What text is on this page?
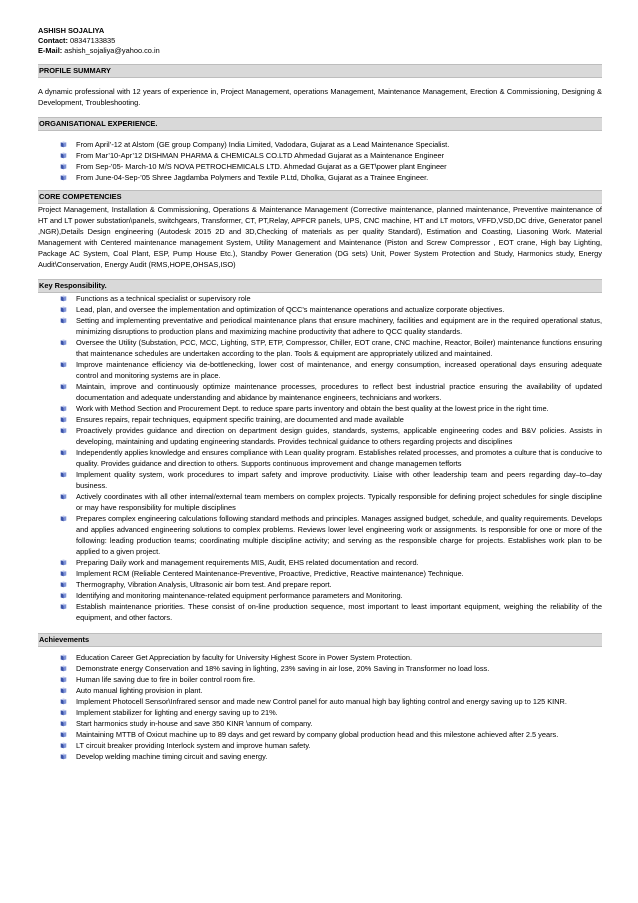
ASHISH SOJALIYA
Contact: 08347133835
E-Mail: ashish_sojaliya@yahoo.co.in
PROFILE SUMMARY
A dynamic professional with 12 years of experience in, Project Management, operations Management, Maintenance Management, Erection & Commissioning, Designing & Development, Troubleshooting.
ORGANISATIONAL EXPERIENCE.
From April’-12 at Alstom (GE group Company) India Limited, Vadodara, Gujarat as a Lead Maintenance Specialist.
From Mar’10-Apr’12 DISHMAN PHARMA & CHEMICALS CO.LTD Ahmedad Gujarat as a Maintenance Engineer
From Sep-’05- March-10 M/S NOVA PETROCHEMICALS LTD. Ahmedad Gujarat as a GET\power plant Engineer
From June-04-Sep-’05 Shree Jagdamba Polymers and Textile P.Ltd, Dholka, Gujarat as a Trainee Engineer.
CORE COMPETENCIES
Project Management, Installation & Commissioning, Operations & Maintenance Management (Corrective maintenance, planned maintenance, Preventive maintenance of HT and LT power substation\panels, switchgears, Transformer, CT, PT,Relay, APFCR panels, UPS, CNC machine, HT and LT motors, VFFD,VSD,DC drive, Generator panel ,NGR),Details Design engineering (Autodesk 2015 2D and 3D,Checking of materials as per quality Standard), Estimation and Coasting, Liasoning Work. Material Management with Centered maintenance management System, Utility Management and Maintenance (Piston and Screw Compressor , EOT crane, High bay Lighting, Package AC System, Coal Plant, ESP, Pump House Etc.), Standby Power Generation (DG sets) Unit, Power System Protection and Study, Harmonics study, Energy Audit\Conservation, Energy Audit (RMS,HOPE,OHSAS,ISO)
Key Responsibility.
Functions as a technical specialist or supervisory role
Lead, plan, and oversee the implementation and optimization of QCC's maintenance operations and actualize corporate objectives.
Setting and implementing preventative and periodical maintenance plans that ensure machinery, facilities and equipment are in the required operational status, minimizing disruptions to production plans and maximizing machine productivity that adhere to QCC quality standards.
Oversee the Utility (Substation, PCC, MCC, Lighting, STP, ETP, Compressor, Chiller, EOT crane, CNC machine, Reactor, Boiler) maintenance functions ensuring that maintenance schedules are undertaken according to the plan. Tools & equipment are appropriately utilized and maintained.
Improve maintenance efficiency via de-bottlenecking, lower cost of maintenance, and energy consumption, increased operational days ensuring adequate control and monitoring systems are in place.
Maintain, improve and continuously optimize maintenance processes, procedures to reflect best industrial practice ensuring the availability of updated documentation and adequate understanding and abidance by maintenance engineers, technicians and workers.
Work with Method Section and Procurement Dept. to reduce spare parts inventory and obtain the best quality at the lowest price in the right time.
Ensures repairs, repair techniques, equipment specific training, are documented and made available
Proactively provides guidance and direction on department design guides, standards, systems, applicable engineering codes and B&V policies. Assists in developing, maintaining and updating engineering standards. Provides technical guidance to others regarding projects and disciplines
Independently applies knowledge and ensures compliance with Lean quality program. Establishes related processes, and promotes a culture that is conducive to quality. Provides guidance and direction to others. Supports continuous improvement and change managemen tefforts
Implement quality system, work procedures to impart safety and improve productivity. Liaise with other leadership team and peers regarding day–to–day business.
Actively coordinates with all other internal/external team members on complex projects. Typically responsible for defining project schedules for single discipline or may have responsibility for multiple disciplines
Prepares complex engineering calculations following standard methods and principles. Manages assigned budget, schedule, and quality requirements. Develops and applies advanced engineering solutions to complex problems. Reviews lower level engineering work or assignments. Is responsible for one or more of the following: leading production teams; coordinating multiple discipline activity; and serving as the responsible charge for projects. Establishes work plan to be applied to a given project.
Preparing Daily work and management requirements MIS, Audit, EHS related documentation and record.
Implement RCM (Reliable Centered Maintenance-Preventive, Proactive, Predictive, Reactive maintenance) Technique.
Thermography, Vibration Analysis, Ultrasonic air born test. And prepare report.
Identifying and monitoring maintenance-related equipment performance parameters and Monitoring.
Establish maintenance priorities. These consist of on-line production sequence, most important to least important equipment, weighing the reliability of the equipment, and other factors.
Achievements
Education Career Get Appreciation by faculty for University Highest Score in Power System Protection.
Demonstrate energy Conservation and 18% saving in lighting, 23% saving in air lose, 20% Saving in Transformer no load loss.
Human life saving due to fire in boiler control room fire.
Auto manual lighting provision in plant.
Implement Photocell Sensor\Infrared sensor and made new Control panel for auto manual high bay lighting control and energy saving up to 125 KINR.
Implement stabilizer for lighting and energy saving up to 21%.
Start harmonics study in-house and save 350 KINR \annum of company.
Maintaining MTTB of Oxicut machine up to 89 days and get reward by company global production head and this milestone achieved after 2.5 years.
LT circuit breaker providing Interlock system and improve human safety.
Develop welding machine timing circuit and saving energy.
